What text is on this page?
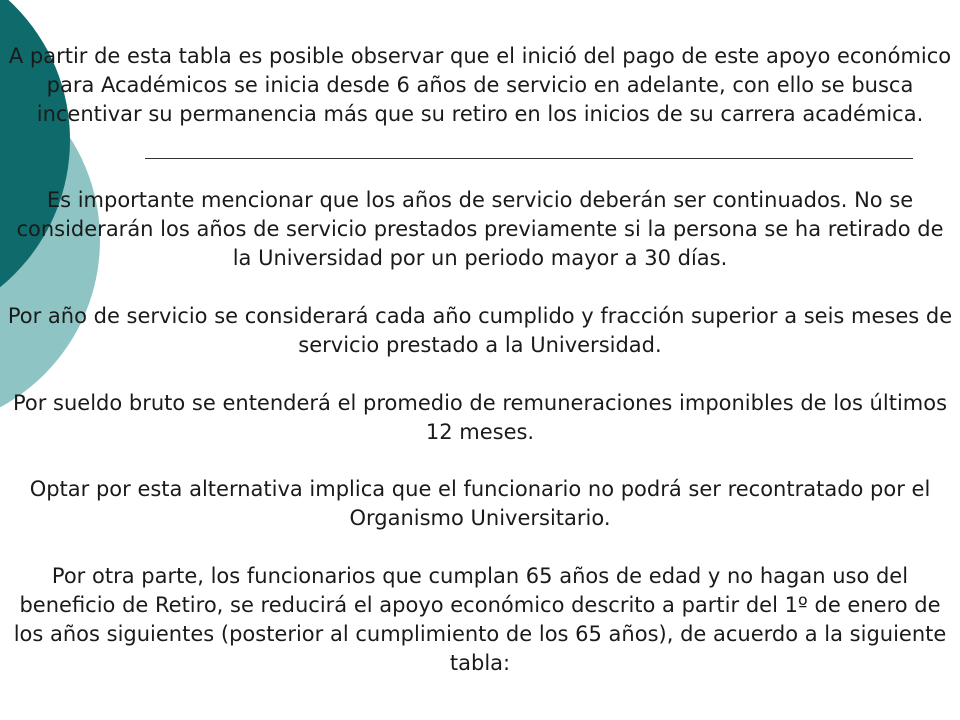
A partir de esta tabla es posible observar que el inició del pago de este apoyo económico para Académicos se inicia desde 6 años de servicio en adelante, con ello se busca incentivar su permanencia más que su retiro en los inicios de su carrera académica.

Es importante mencionar que los años de servicio deberán ser continuados. No se considerarán los años de servicio prestados previamente si la persona se ha retirado de la Universidad por un periodo mayor a 30 días.

Por año de servicio se considerará cada año cumplido y fracción superior a seis meses de servicio prestado a la Universidad.

Por sueldo bruto se entenderá el promedio de remuneraciones imponibles de los últimos 12 meses.

Optar por esta alternativa implica que el funcionario no podrá ser recontratado por el Organismo Universitario.

Por otra parte, los funcionarios que cumplan 65 años de edad y no hagan uso del beneficio de Retiro, se reducirá el apoyo económico descrito a partir del 1º de enero de los años siguientes (posterior al cumplimiento de los 65 años), de acuerdo a la siguiente tabla:
